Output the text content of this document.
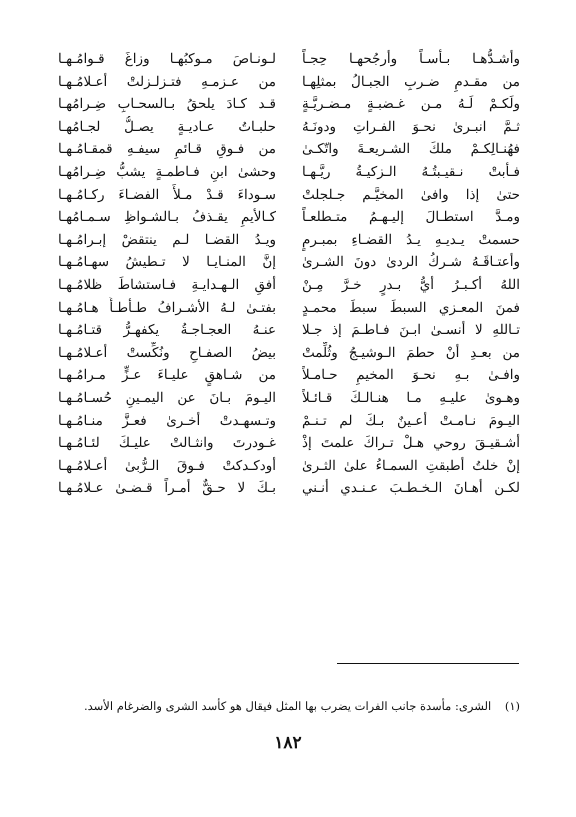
وأشـدُّهـا بـأسـاً وأرجُحهـا حِجـاً
من مقـدمِ ضـربِ الجبـالُ بمثلِهـا
ولَكـمْ لَـهُ مـن غـضبـةٍ مـضـريَّـةٍ
ثـمَّ انبـرىٰ نحـوَ الفـراتِ ودونَـهُ
فهُنـالِكـمْ ملكَ الشـريعـةَ واتّكـىٰ
فـأبتْ نـقيـبتُـهُ الـزكيـةُ ريَّـهـا
حتىٰ إذا وافىٰ المخيَّـم جـلجلتْ
ومـدَّ استطـالَ إليـهـمُ متـطلعـاً
حسمتْ يـديـهِ يـدُ القضـاءِ بمبـرمٍ
وأعتـاقَـهُ شـركُ الردىٰ دونَ الشـرىٰ
اللهُ أكـبـرُ أيُّ بـدرٍ خـرَّ مِـنْ
فمنَ المعـزي السبطَ سبطَ محمـدٍ
تـاللهِ لا أنسـىٰ ابـنَ فـاطـمَ إذ جـلا
من بعـدِ أنْ حطمَ الـوشيـجُ وثُلِّمتْ
وافـىٰ بـهِ نحـوَ المخيمِ حـامـلاً
وهـوىٰ عليـهِ مـا هنـالـكَ قـائـلاً
اليـومَ نـامـتْ أعـينٌ بـكَ لم تـنـمْ
أشـقيـقَ روحي هـلْ تـراكَ علمتَ إذْ
إنْ خلتُ أطبقتِ السمـاءُ علىٰ الثـرىٰ
لكـن أهـانَ الـخـطـبَ عـنـدي أنـني
لـونـاصَ مـوكبُهـا وزاغَ قـوامُـهـا
من عـزمـهِ فتـزلـزلتْ أعـلامُـهـا
قـد كـادَ يلحقُ بـالسحـابِ ضِـرامُهـا
حلبـاتُ عـاديـةٍ يصـلُّ لجـامُهـا
من فـوقِ قـائمِ سيفـهِ قمقـامُـهـا
وحشىٰ ابنِ فـاطمـةٍ يشبُّ ضِـرامُهـا
سـوداءَ قـدْ مـلأَ الفضـاءَ ركـامُـهـا
كـالأيمِ يقـذفُ بـالشـواظِ سـمـامُهـا
ويـدُ القضـا لـم ينتقضْ إبـرامُـهـا
إنَّ المنـايـا لا تـطيشُ سهـامُـهـا
أفقِ الـهـدايـةِ فـاستشاطَ ظلامُـهـا
بفتـىٰ لـهُ الأشـرافُ طـأطـأَ هـامُـهـا
عنـهُ العجـاجـةُ يكفهـرُّ قتـامُـهـا
بيضُ الصفـاحِ ونُكِّستْ أعـلامُـهـا
من شـاهقٍ عليـاءَ عـزٍّ مـرامُـهـا
اليـومَ بـانَ عن اليمـينِ حُسـامُـهـا
وتـسهـدتْ أخـرىٰ فعـزَّ منـامُـهـا
غـودرتَ وانثـالتْ عليـكَ لئـامُـهـا
أودكـدكتْ فـوقَ الـرُّبىٰ أعـلامُـهـا
بـكَ لا حـقٌّ أمـراً قـضـىٰ عـلامُـهـا
(١) الشرى: مأسدة جانب الفرات يضرب بها المثل فيقال هو كأسد الشرى والضرغام الأسد.
١٨٢
